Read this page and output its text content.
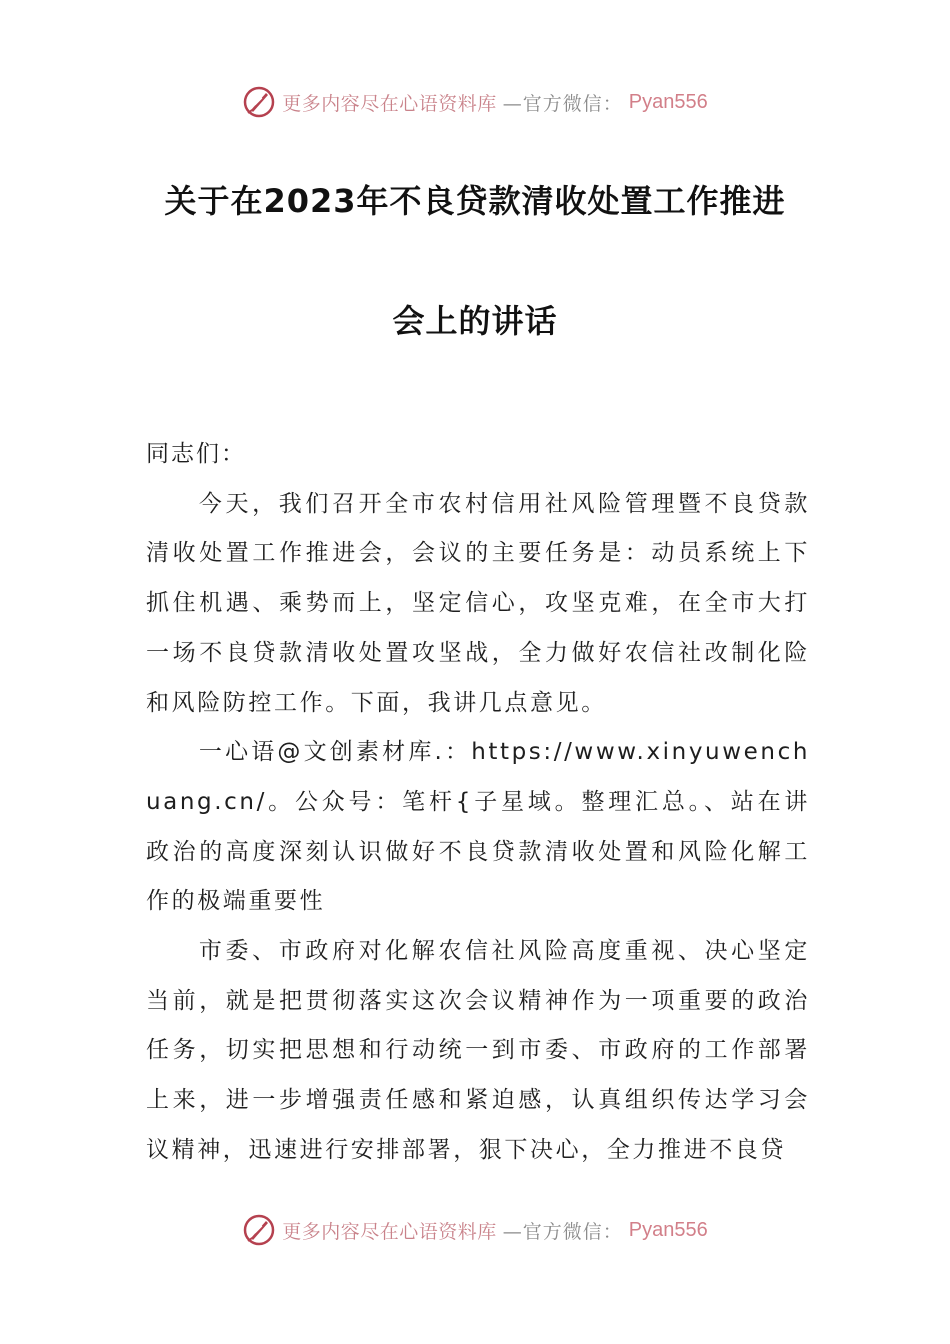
更多内容尽在心语资料库 —官方微信： Pyan556
关于在2023年不良贷款清收处置工作推进
会上的讲话

同志们：

今天，我们召开全市农村信用社风险管理暨不良贷款清收处置工作推进会，会议的主要任务是：动员系统上下抓住机遇、乘势而上，坚定信心，攻坚克难，在全市大打一场不良贷款清收处置攻坚战，全力做好农信社改制化险和风险防控工作。下面，我讲几点意见。

一心语@文创素材库.：https://www.xinyuwenchuang.cn/。公众号：笔杆{子星域。整理汇总。、站在讲政治的高度深刻认识做好不良贷款清收处置和风险化解工作的极端重要性

市委、市政府对化解农信社风险高度重视、决心坚定当前，就是把贯彻落实这次会议精神作为一项重要的政治任务，切实把思想和行动统一到市委、市政府的工作部署上来，进一步增强责任感和紧迫感，认真组织传达学习会议精神，迅速进行安排部署，狠下决心，全力推进不良贷

更多内容尽在心语资料库 —官方微信： Pyan556
